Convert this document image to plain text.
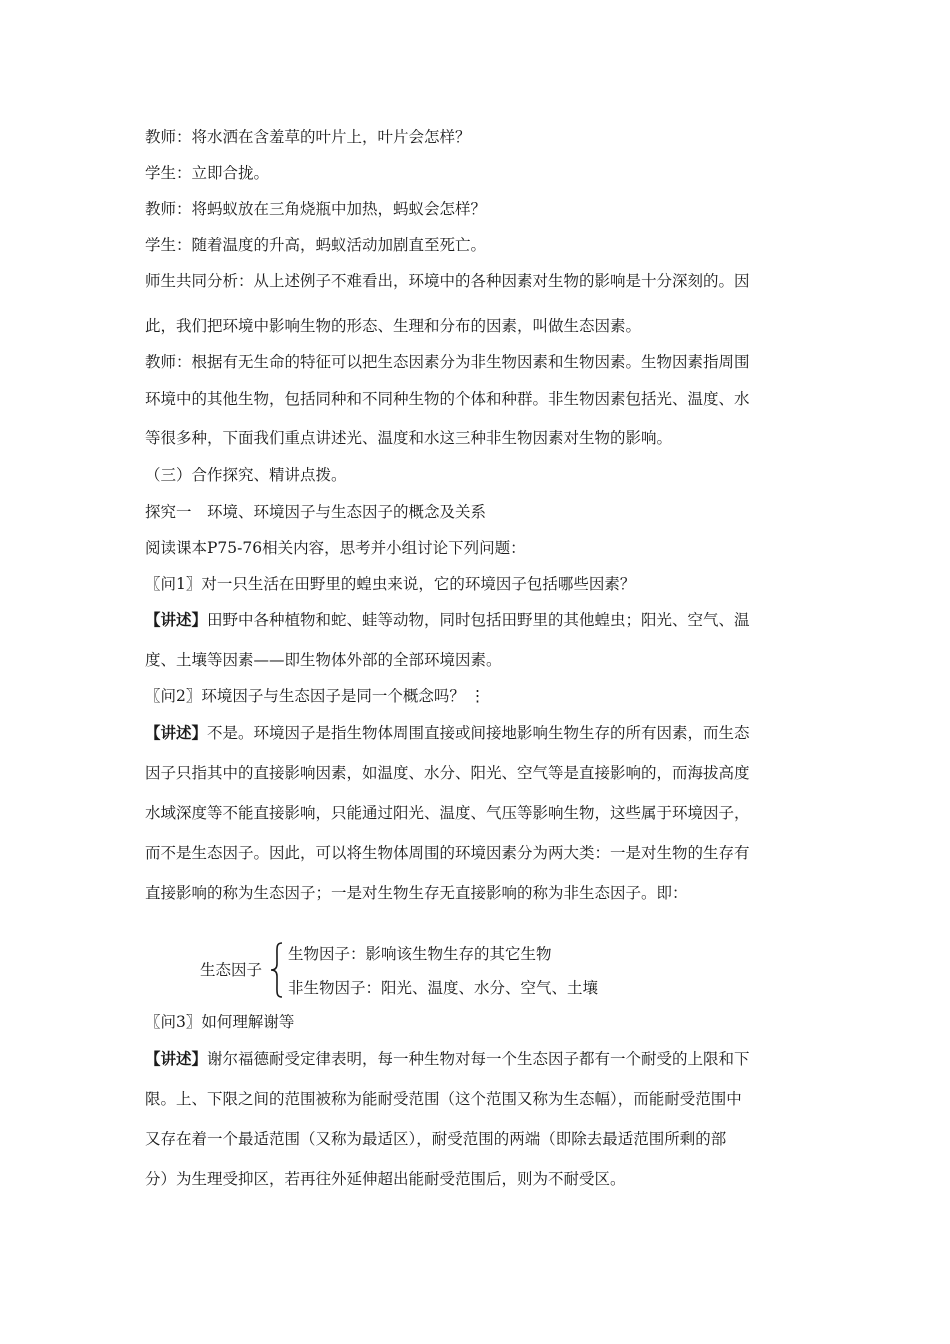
教师：将水洒在含羞草的叶片上，叶片会怎样？
学生：立即合拢。
教师：将蚂蚁放在三角烧瓶中加热，蚂蚁会怎样？
学生：随着温度的升高，蚂蚁活动加剧直至死亡。
师生共同分析：从上述例子不难看出，环境中的各种因素对生物的影响是十分深刻的。因
此，我们把环境中影响生物的形态、生理和分布的因素，叫做生态因素。
教师：根据有无生命的特征可以把生态因素分为非生物因素和生物因素。生物因素指周围
环境中的其他生物，包括同种和不同种生物的个体和种群。非生物因素包括光、温度、水
等很多种，下面我们重点讲述光、温度和水这三种非生物因素对生物的影响。
（三）合作探究、精讲点拨。
探究一　环境、环境因子与生态因子的概念及关系
阅读课本P75-76相关内容，思考并小组讨论下列问题：
〖问1〗对一只生活在田野里的蝗虫来说，它的环境因子包括哪些因素？
【讲述】田野中各种植物和蛇、蛙等动物，同时包括田野里的其他蝗虫；阳光、空气、温
度、土壤等因素——即生物体外部的全部环境因素。
〖问2〗环境因子与生态因子是同一个概念吗？ ⋮
【讲述】不是。环境因子是指生物体周围直接或间接地影响生物生存的所有因素，而生态
因子只指其中的直接影响因素，如温度、水分、阳光、空气等是直接影响的，而海拔高度
水域深度等不能直接影响，只能通过阳光、温度、气压等影响生物，这些属于环境因子，
而不是生态因子。因此，可以将生物体周围的环境因素分为两大类：一是对生物的生存有
直接影响的称为生态因子；一是对生物生存无直接影响的称为非生态因子。即：
生态因子
生物因子：影响该生物生存的其它生物
非生物因子：阳光、温度、水分、空气、土壤
〖问3〗如何理解谢等
【讲述】谢尔福德耐受定律表明，每一种生物对每一个生态因子都有一个耐受的上限和下
限。上、下限之间的范围被称为能耐受范围（这个范围又称为生态幅），而能耐受范围中
又存在着一个最适范围（又称为最适区），耐受范围的两端（即除去最适范围所剩的部
分）为生理受抑区，若再往外延伸超出能耐受范围后，则为不耐受区。
